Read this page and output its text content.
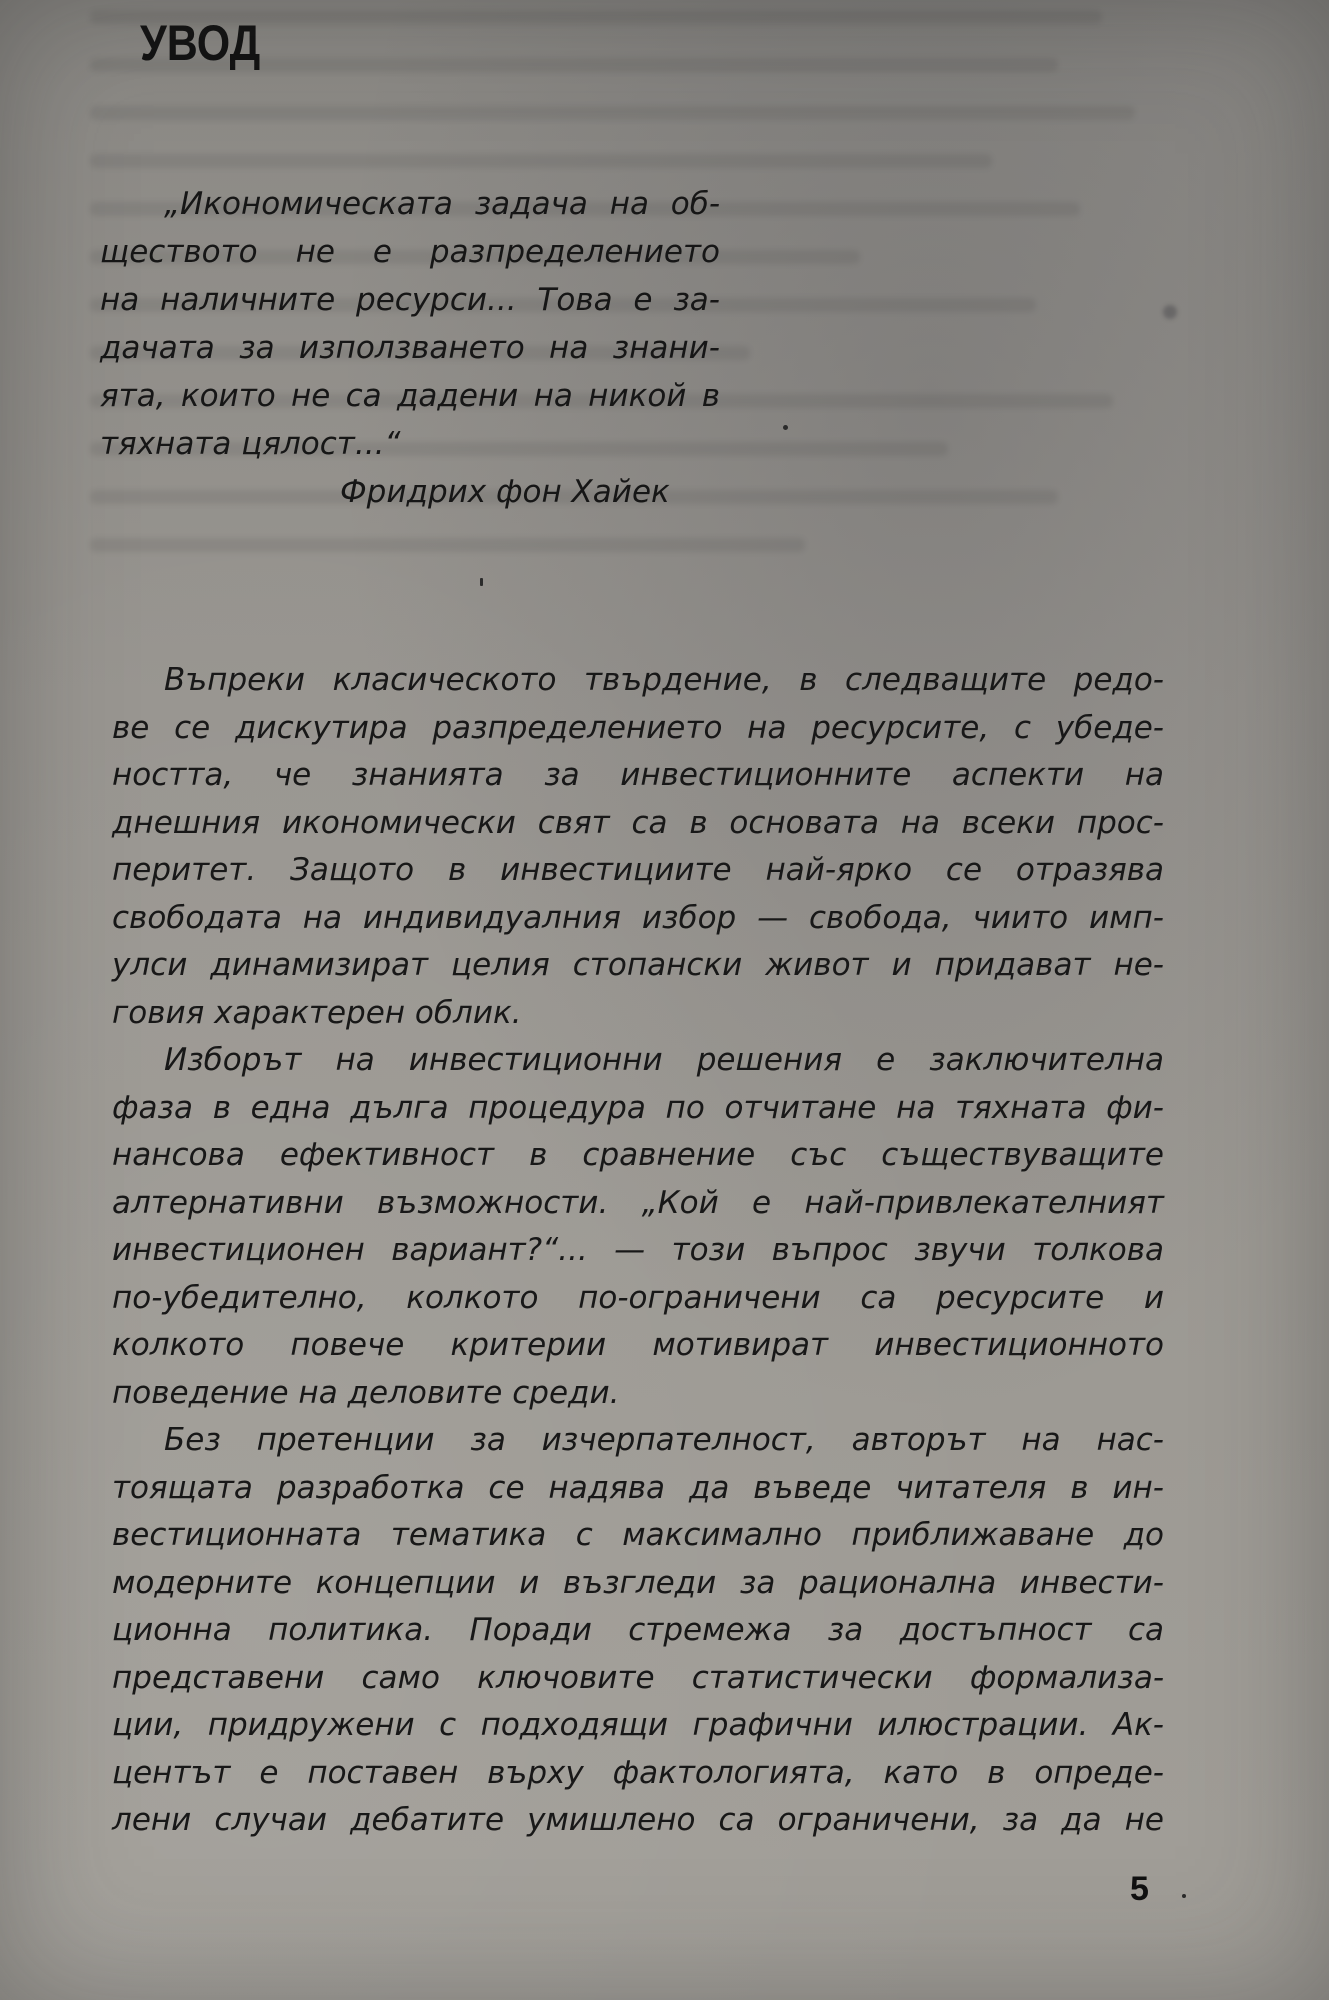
УВОД
„Икономическата задача на об-
ществото не е разпределението
на наличните ресурси... Това е за-
дачата за използването на знани-
ята, които не са дадени на никой в
тяхната цялост...“
Фридрих фон Хайек

Въпреки класическото твърдение, в следващите редо-
ве се дискутира разпределението на ресурсите, с убеде-
ността, че знанията за инвестиционните аспекти на
днешния икономически свят са в основата на всеки прос-
перитет. Защото в инвестициите най-ярко се отразява
свободата на индивидуалния избор — свобода, чиито имп-
улси динамизират целия стопански живот и придават не-
говия характерен облик.

Изборът на инвестиционни решения е заключителна
фаза в една дълга процедура по отчитане на тяхната фи-
нансова ефективност в сравнение със съществуващите
алтернативни възможности. „Кой е най-привлекателният
инвестиционен вариант?“... — този въпрос звучи толкова
по-убедително, колкото по-ограничени са ресурсите и
колкото повече критерии мотивират инвестиционното
поведение на деловите среди.

Без претенции за изчерпателност, авторът на нас-
тоящата разработка се надява да въведе читателя в ин-
вестиционната тематика с максимално приближаване до
модерните концепции и възгледи за рационална инвести-
ционна политика. Поради стремежа за достъпност са
представени само ключовите статистически формализа-
ции, придружени с подходящи графични илюстрации. Ак-
центът е поставен върху фактологията, като в опреде-
лени случаи дебатите умишлено са ограничени, за да не

5
